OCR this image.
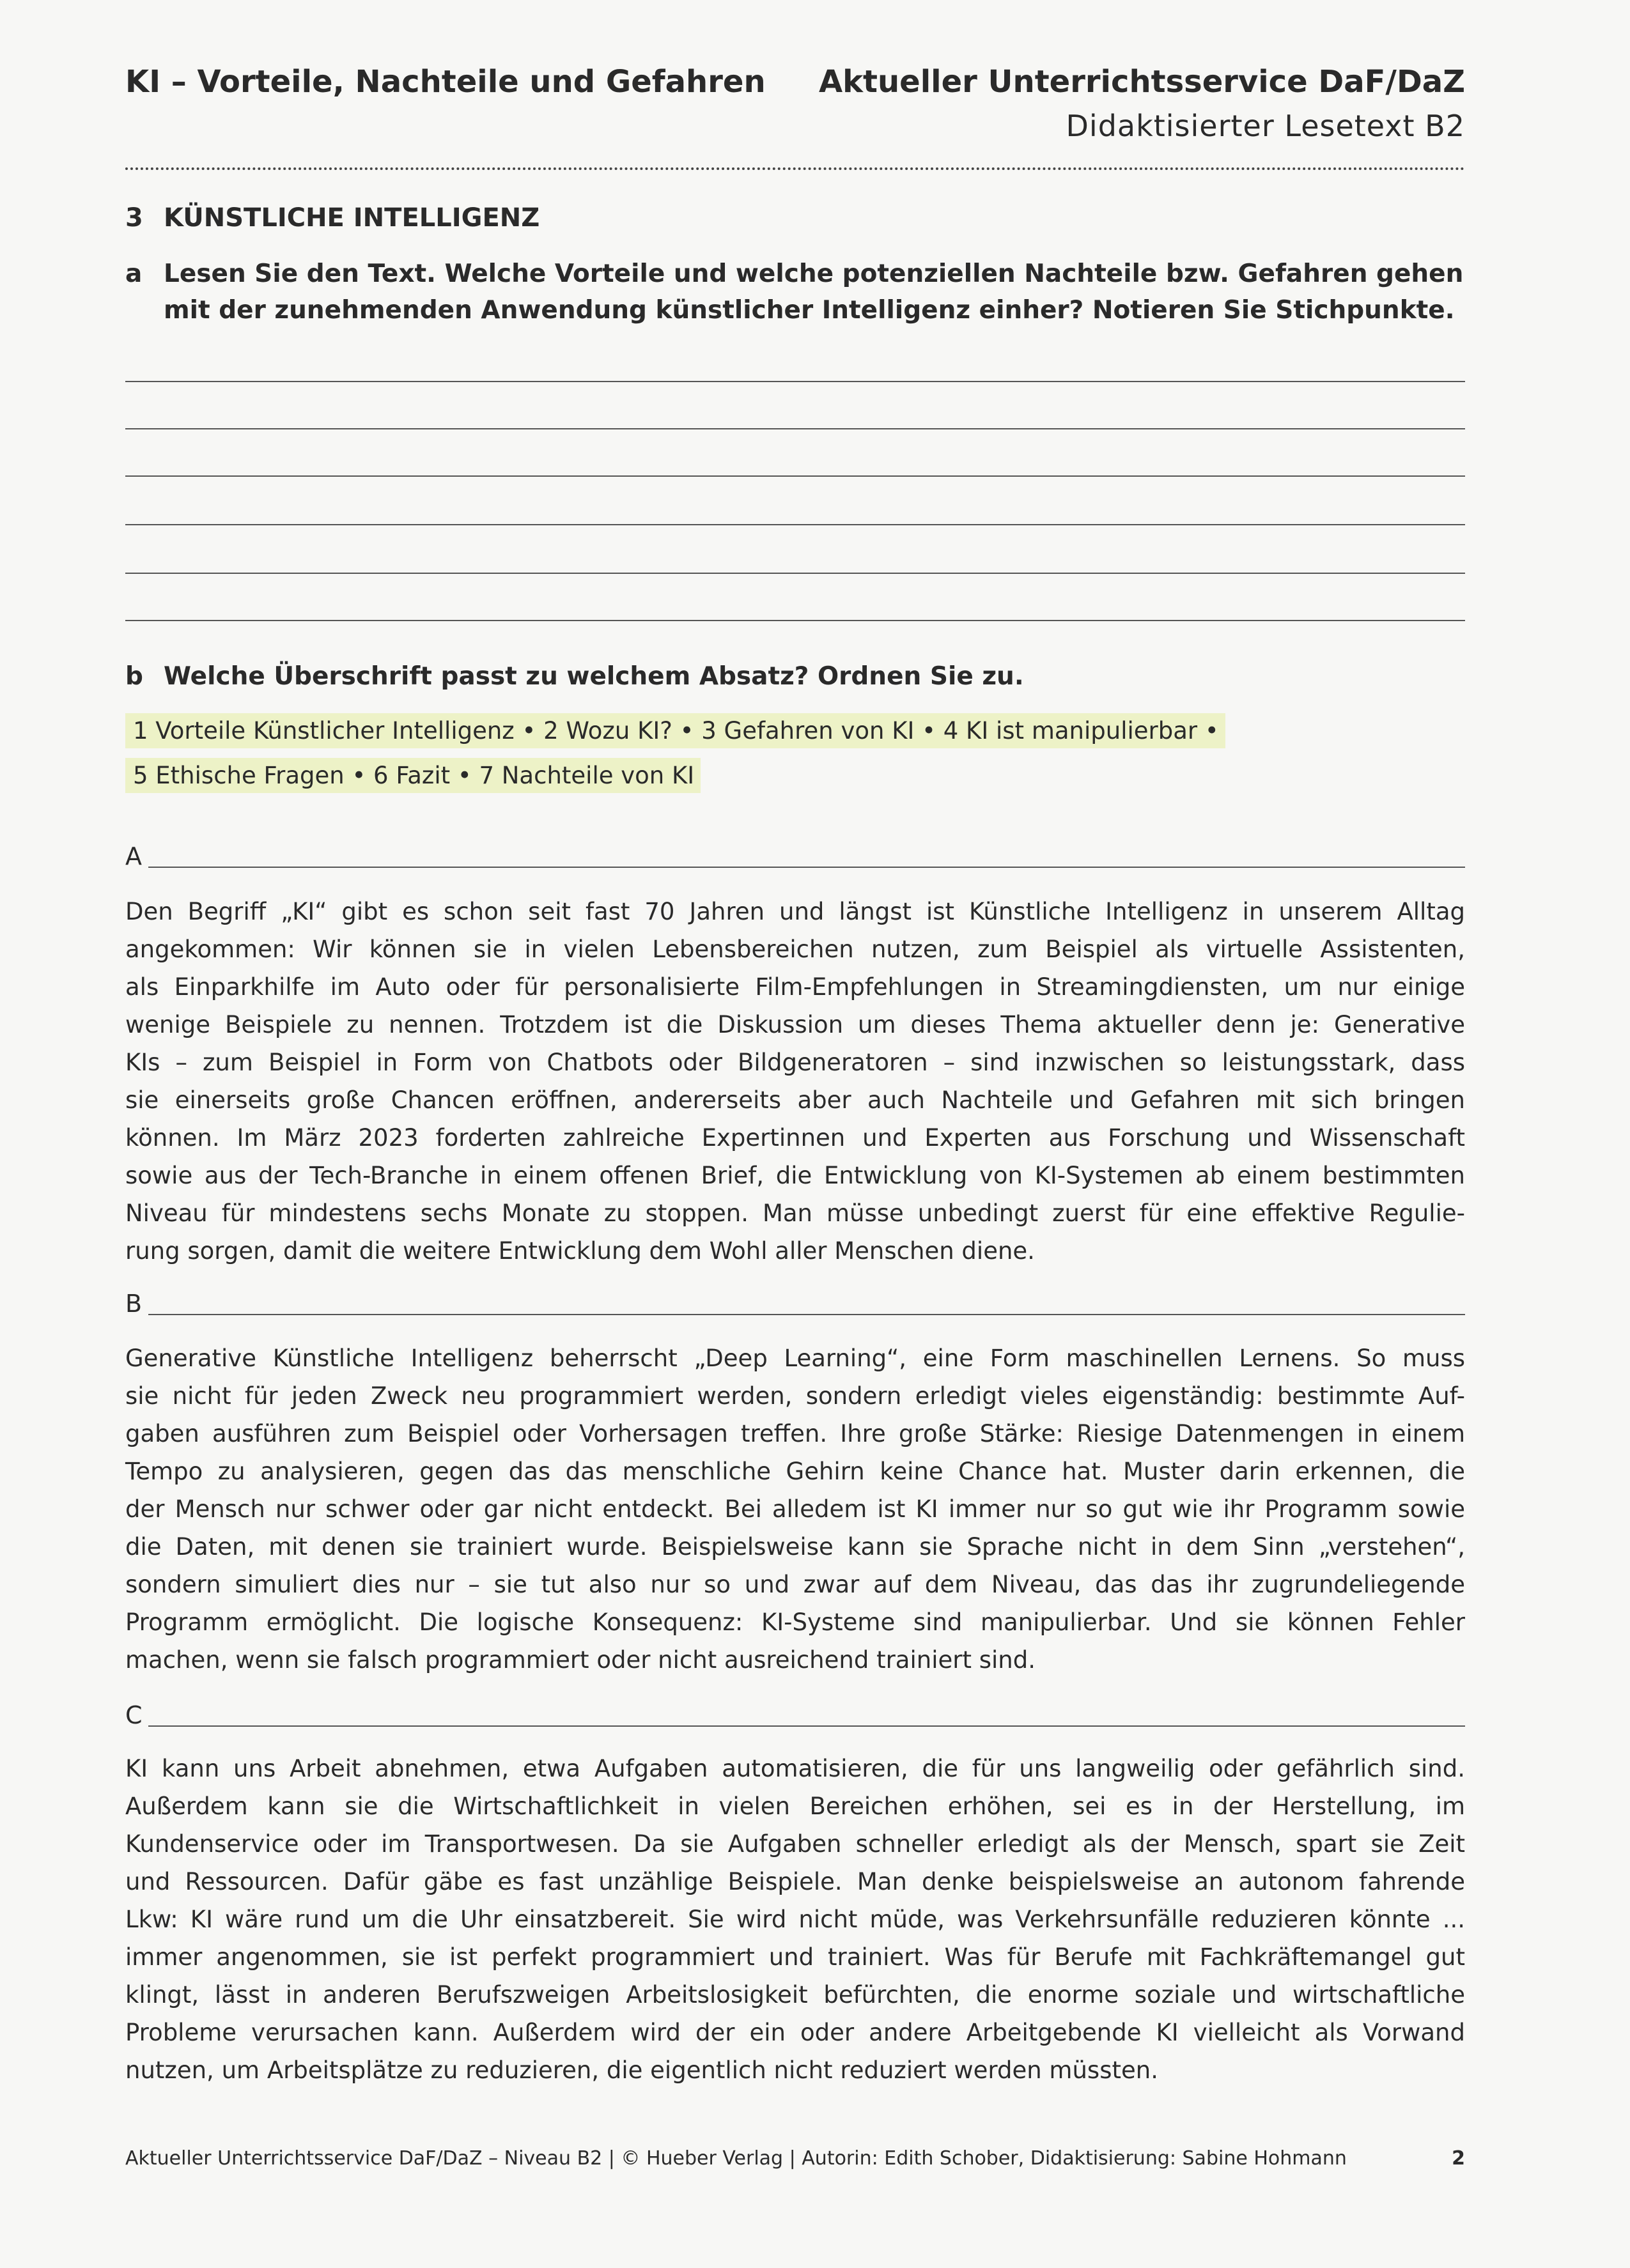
KI – Vorteile, Nachteile und Gefahren Aktueller Unterrichtsservice DaF/DaZ
Didaktisierter Lesetext B2
3 KÜNSTLICHE INTELLIGENZ
a Lesen Sie den Text. Welche Vorteile und welche potenziellen Nachteile bzw. Gefahren gehen mit der zunehmenden Anwendung künstlicher Intelligenz einher? Notieren Sie Stichpunkte.
b Welche Überschrift passt zu welchem Absatz? Ordnen Sie zu.
1 Vorteile Künstlicher Intelligenz • 2 Wozu KI? • 3 Gefahren von KI • 4 KI ist manipulierbar •
5 Ethische Fragen • 6 Fazit • 7 Nachteile von KI
A

Den Begriff „KI“ gibt es schon seit fast 70 Jahren und längst ist Künstliche Intelligenz in unserem Alltag

angekommen: Wir können sie in vielen Lebensbereichen nutzen, zum Beispiel als virtuelle Assistenten,

als Einparkhilfe im Auto oder für personalisierte Film-Empfehlungen in Streamingdiensten, um nur einige

wenige Beispiele zu nennen. Trotzdem ist die Diskussion um dieses Thema aktueller denn je: Generative

KIs – zum Beispiel in Form von Chatbots oder Bildgeneratoren – sind inzwischen so leistungsstark, dass

sie einerseits große Chancen eröffnen, andererseits aber auch Nachteile und Gefahren mit sich bringen

können. Im März 2023 forderten zahlreiche Expertinnen und Experten aus Forschung und Wissenschaft

sowie aus der Tech-Branche in einem offenen Brief, die Entwicklung von KI-Systemen ab einem bestimmten

Niveau für mindestens sechs Monate zu stoppen. Man müsse unbedingt zuerst für eine effektive Regulie-

rung sorgen, damit die weitere Entwicklung dem Wohl aller Menschen diene.

B

Generative Künstliche Intelligenz beherrscht „Deep Learning“, eine Form maschinellen Lernens. So muss

sie nicht für jeden Zweck neu programmiert werden, sondern erledigt vieles eigenständig: bestimmte Auf-

gaben ausführen zum Beispiel oder Vorhersagen treffen. Ihre große Stärke: Riesige Datenmengen in einem

Tempo zu analysieren, gegen das das menschliche Gehirn keine Chance hat. Muster darin erkennen, die

der Mensch nur schwer oder gar nicht entdeckt. Bei alledem ist KI immer nur so gut wie ihr Programm sowie

die Daten, mit denen sie trainiert wurde. Beispielsweise kann sie Sprache nicht in dem Sinn „verstehen“,

sondern simuliert dies nur – sie tut also nur so und zwar auf dem Niveau, das das ihr zugrundeliegende

Programm ermöglicht. Die logische Konsequenz: KI-Systeme sind manipulierbar. Und sie können Fehler

machen, wenn sie falsch programmiert oder nicht ausreichend trainiert sind.

C

KI kann uns Arbeit abnehmen, etwa Aufgaben automatisieren, die für uns langweilig oder gefährlich sind.

Außerdem kann sie die Wirtschaftlichkeit in vielen Bereichen erhöhen, sei es in der Herstellung, im

Kundenservice oder im Transportwesen. Da sie Aufgaben schneller erledigt als der Mensch, spart sie Zeit

und Ressourcen. Dafür gäbe es fast unzählige Beispiele. Man denke beispielsweise an autonom fahrende

Lkw: KI wäre rund um die Uhr einsatzbereit. Sie wird nicht müde, was Verkehrsunfälle reduzieren könnte ...

immer angenommen, sie ist perfekt programmiert und trainiert. Was für Berufe mit Fachkräftemangel gut

klingt, lässt in anderen Berufszweigen Arbeitslosigkeit befürchten, die enorme soziale und wirtschaftliche

Probleme verursachen kann. Außerdem wird der ein oder andere Arbeitgebende KI vielleicht als Vorwand

nutzen, um Arbeitsplätze zu reduzieren, die eigentlich nicht reduziert werden müssten.

Aktueller Unterrichtsservice DaF/DaZ – Niveau B2 | © Hueber Verlag | Autorin: Edith Schober, Didaktisierung: Sabine Hohmann	2
